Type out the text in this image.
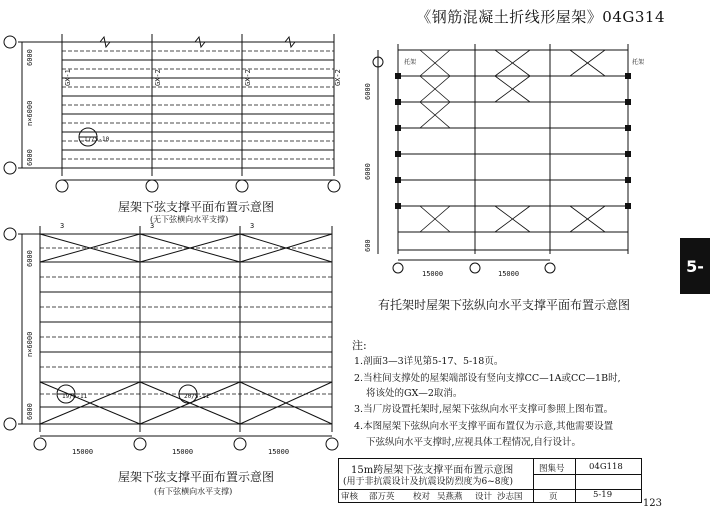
《钢筋混凝土折线形屋架》04G314
5-
17/5-10
GX-1	GX-2	GX-2	GX-2
6000
n×6000
6000
屋架下弦支撑平面布置示意图
(无下弦横向水平支撑)
15000	15000	15000
19/5-11	20/5-11
6000
n×6000
6000
3	3	3
屋架下弦支撑平面布置示意图
(有下弦横向水平支撑)
15000	15000
托架	托架
6000
6000
600
有托架时屋架下弦纵向水平支撑平面布置示意图
注:
1.剖面3—3详见第5-17、5-18页。
2.当柱间支撑处的屋架端部设有竖向支撑CC—1A或CC—1B时,
将该处的GX—2取消。
3.当厂房设置托架时,屋架下弦纵向水平支撑可参照上图布置。
4.本图屋架下弦纵向水平支撑平面布置仅为示意,其他需要设置
下弦纵向水平支撑时,应视具体工程情况,自行设计。
15m跨屋架下弦支撑平面布置示意图
(用于非抗震设计及抗震设防烈度为6~8度)
图集号	04G118
页	5-19
审核 邵万英 校对 吴燕燕 设计 沙志国
123
